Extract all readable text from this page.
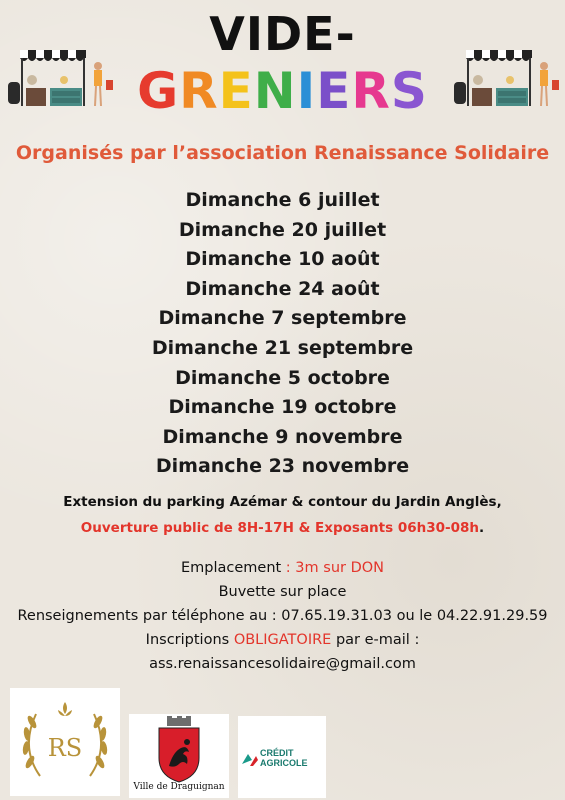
VIDE-
GRENIERS
Organisés par l’association Renaissance Solidaire
Dimanche 6 juillet
Dimanche 20 juillet
Dimanche 10 août
Dimanche 24 août
Dimanche 7 septembre
Dimanche 21 septembre
Dimanche 5 octobre
Dimanche 19 octobre
Dimanche 9 novembre
Dimanche 23 novembre
Extension du parking Azémar & contour du Jardin Anglès,
Ouverture public de 8H-17H & Exposants 06h30-08h.
Emplacement : 3m sur DON
Buvette sur place
Renseignements par téléphone au : 07.65.19.31.03 ou le 04.22.91.29.59
Inscriptions OBLIGATOIRE par e-mail :
ass.renaissancesolidaire@gmail.com
RS
Ville de Draguignan
CRÉDIT
AGRICOLE
